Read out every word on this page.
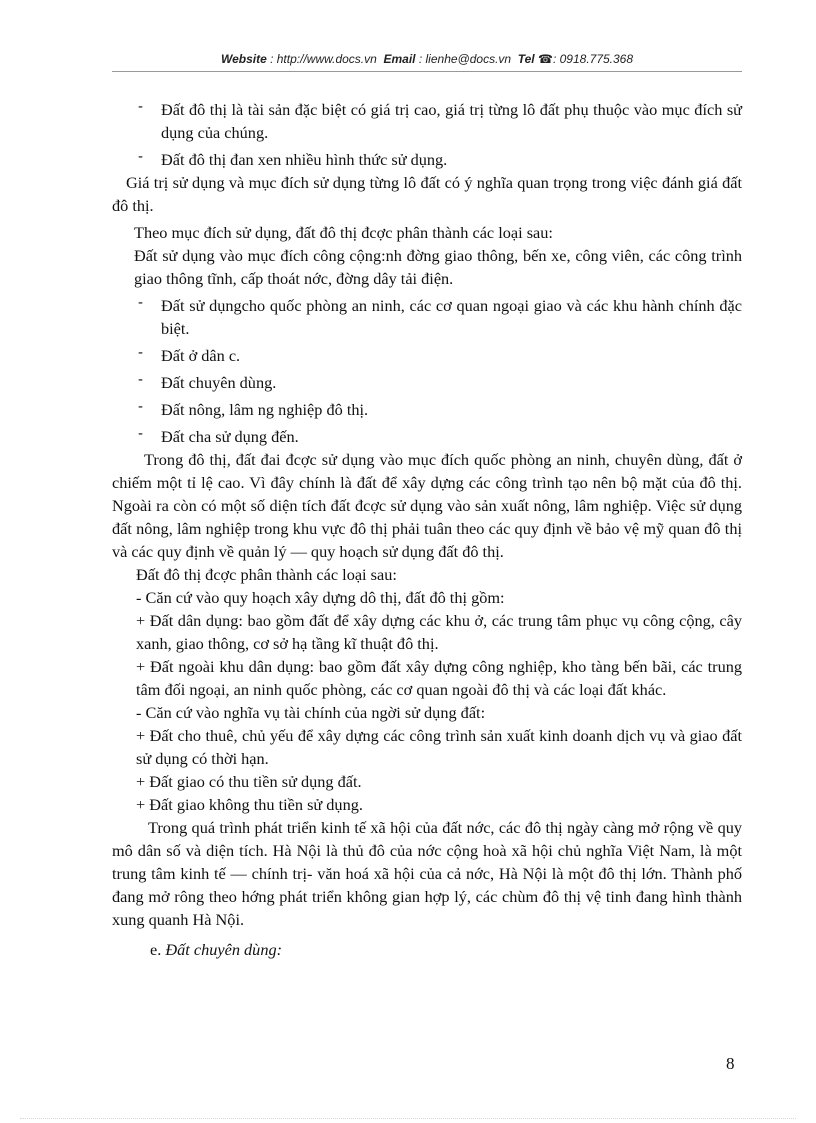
Website : http://www.docs.vn Email : lienhe@docs.vn Tel ☎: 0918.775.368
- Đất đô thị là tài sản đặc biệt có giá trị cao, giá trị từng lô đất phụ thuộc vào mục đích sử dụng của chúng.
- Đất đô thị đan xen nhiều hình thức sử dụng.

Giá trị sử dụng và mục đích sử dụng từng lô đất có ý nghĩa quan trọng trong việc đánh giá đất đô thị.

Theo mục đích sử dụng, đất đô thị đcợc phân thành các loại sau:

Đất sử dụng vào mục đích công cộng:nh đờng giao thông, bến xe, công viên, các công trình giao thông tĩnh, cấp thoát nớc, đờng dây tải điện.

- Đất sử dụngcho quốc phòng an ninh, các cơ quan ngoại giao và các khu hành chính đặc biệt.
- Đất ở dân c.
- Đất chuyên dùng.
- Đất nông, lâm ng nghiệp đô thị.
- Đất cha sử dụng đến.

Trong đô thị, đất đai đcợc sử dụng vào mục đích quốc phòng an ninh, chuyên dùng, đất ở chiếm một tỉ lệ cao. Vì đây chính là đất để xây dựng các công trình tạo nên bộ mặt của đô thị. Ngoài ra còn có một số diện tích đất đcợc sử dụng vào sản xuất nông, lâm nghiệp. Việc sử dụng đất nông, lâm nghiệp trong khu vực đô thị phải tuân theo các quy định về bảo vệ mỹ quan đô thị và các quy định về quản lý — quy hoạch sử dụng đất đô thị.

Đất đô thị đcợc phân thành các loại sau:

- Căn cứ vào quy hoạch xây dựng dô thị, đất đô thị gồm:

+ Đất dân dụng: bao gồm đất để xây dựng các khu ở, các trung tâm phục vụ công cộng, cây xanh, giao thông, cơ sở hạ tầng kĩ thuật đô thị.

+ Đất ngoài khu dân dụng: bao gồm đất xây dựng công nghiệp, kho tàng bến bãi, các trung tâm đối ngoại, an ninh quốc phòng, các cơ quan ngoài đô thị và các loại đất khác.

- Căn cứ vào nghĩa vụ tài chính của ngời sử dụng đất:

+ Đất cho thuê, chủ yếu để xây dựng các công trình sản xuất kinh doanh dịch vụ và giao đất sử dụng có thời hạn.

+ Đất giao có thu tiền sử dụng đất.

+ Đất giao không thu tiền sử dụng.

Trong quá trình phát triển kinh tế xã hội của đất nớc, các đô thị ngày càng mở rộng về quy mô dân số và diện tích. Hà Nội là thủ đô của nớc cộng hoà xã hội chủ nghĩa Việt Nam, là một trung tâm kinh tế — chính trị- văn hoá xã hội của cả nớc, Hà Nội là một đô thị lớn. Thành phố đang mở rông theo hớng phát triển không gian hợp lý, các chùm đô thị vệ tinh đang hình thành xung quanh Hà Nội.

e. Đất chuyên dùng:

8
